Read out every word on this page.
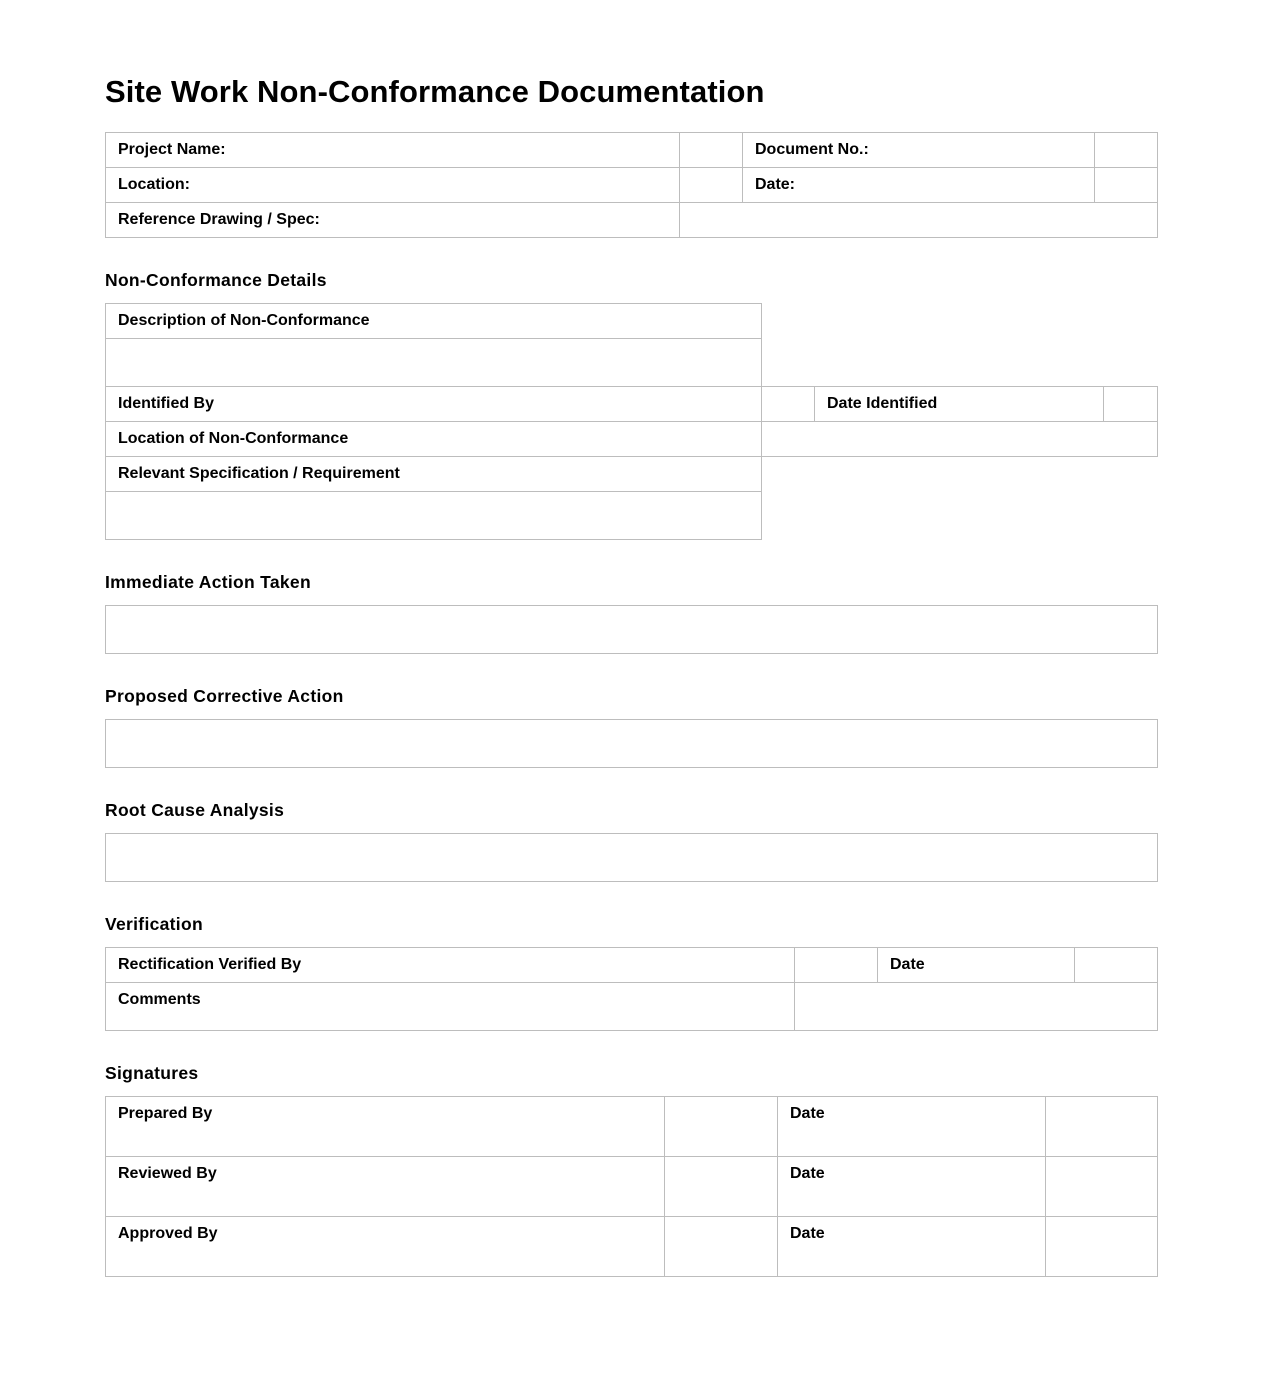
Site Work Non-Conformance Documentation
Project Name:	Document No.:
Location:	Date:
Reference Drawing / Spec:
Non-Conformance Details
Description of Non-Conformance
Identified By	Date Identified
Location of Non-Conformance
Relevant Specification / Requirement
Immediate Action Taken
Proposed Corrective Action
Root Cause Analysis
Verification
Rectification Verified By	Date
Comments
Signatures
Prepared By	Date
Reviewed By	Date
Approved By	Date
